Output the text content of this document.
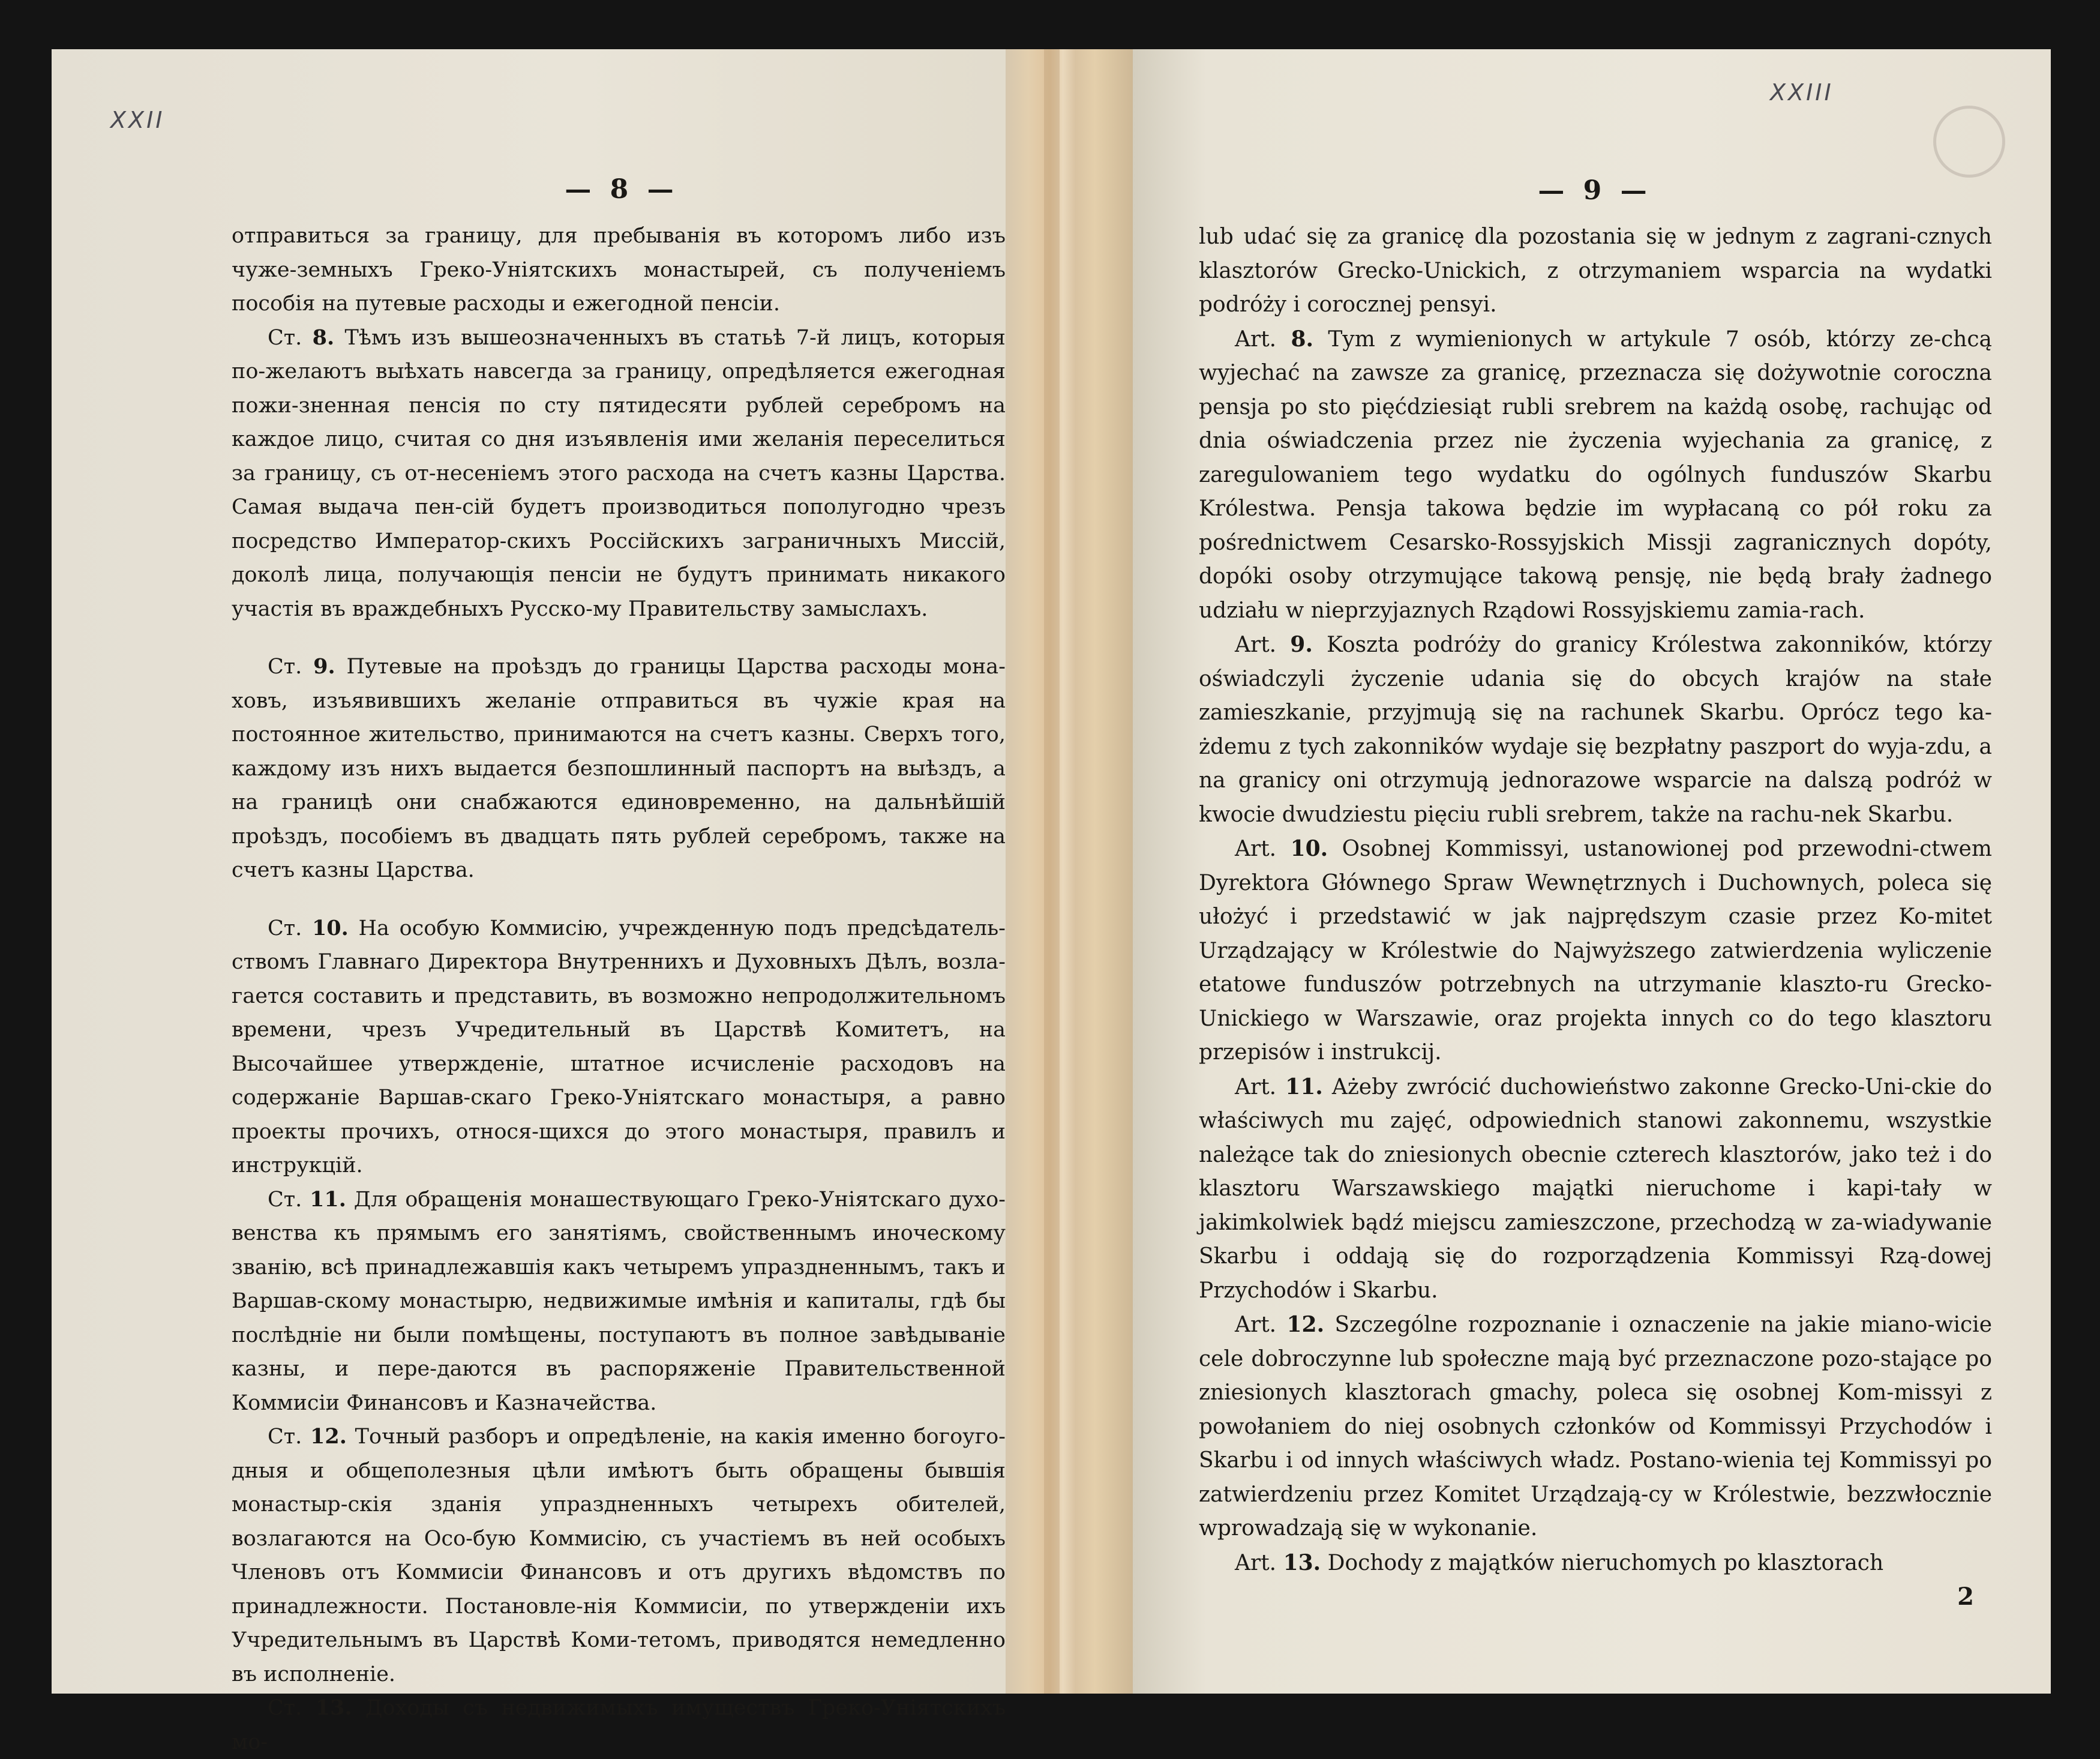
— 8 —

отправиться за границу, для пребыванія въ которомъ либо изъ чуже-земныхъ Греко-Уніятскихъ монастырей, съ полученіемъ пособія на путевые расходы и ежегодной пенсіи.

Ст. 8. Тѣмъ изъ вышеозначенныхъ въ статьѣ 7-й лицъ, которыя по-желаютъ выѣхать навсегда за границу, опредѣляется ежегодная пожи-зненная пенсія по сту пятидесяти рублей серебромъ на каждое лицо, считая со дня изъявленія ими желанія переселиться за границу, съ от-несеніемъ этого расхода на счетъ казны Царства. Самая выдача пен-сій будетъ производиться пополугодно чрезъ посредство Император-скихъ Россійскихъ заграничныхъ Миссій, доколѣ лица, получающія пенсіи не будутъ принимать никакого участія въ враждебныхъ Русско-му Правительству замыслахъ.

Ст. 9. Путевые на проѣздъ до границы Царства расходы мона-ховъ, изъявившихъ желаніе отправиться въ чужіе края на постоянное жительство, принимаются на счетъ казны. Сверхъ того, каждому изъ нихъ выдается безпошлинный паспортъ на выѣздъ, а на границѣ они снабжаются единовременно, на дальнѣйшій проѣздъ, пособіемъ въ двадцать пять рублей серебромъ, также на счетъ казны Царства.

Ст. 10. На особую Коммисію, учрежденную подъ предсѣдатель-ствомъ Главнаго Директора Внутреннихъ и Духовныхъ Дѣлъ, возла-гается составить и представить, въ возможно непродолжительномъ времени, чрезъ Учредительный въ Царствѣ Комитетъ, на Высочайшее утвержденіе, штатное исчисленіе расходовъ на содержаніе Варшав-скаго Греко-Уніятскаго монастыря, а равно проекты прочихъ, относя-щихся до этого монастыря, правилъ и инструкцій.

Ст. 11. Для обращенія монашествующаго Греко-Уніятскаго духо-венства къ прямымъ его занятіямъ, свойственнымъ иноческому званію, всѣ принадлежавшія какъ четыремъ упраздненнымъ, такъ и Варшав-скому монастырю, недвижимые имѣнія и капиталы, гдѣ бы послѣдніе ни были помѣщены, поступаютъ въ полное завѣдываніе казны, и пере-даются въ распоряженіе Правительственной Коммисіи Финансовъ и Казначейства.

Ст. 12. Точный разборъ и опредѣленіе, на какія именно богоуго-дныя и общеполезныя цѣли имѣютъ быть обращены бывшія монастыр-скія зданія упраздненныхъ четырехъ обителей, возлагаются на Осо-бую Коммисію, съ участіемъ въ ней особыхъ Членовъ отъ Коммисіи Финансовъ и отъ другихъ вѣдомствъ по принадлежности. Постановле-нія Коммисіи, по утвержденіи ихъ Учредительнымъ въ Царствѣ Коми-тетомъ, приводятся немедленно въ исполненіе.

Ст. 13. Доходы съ недвижимыхъ имуществъ Греко-Уніятскихъ мо-

— 9 —

lub udać się za granicę dla pozostania się w jednym z zagrani-cznych klasztorów Grecko-Unickich, z otrzymaniem wsparcia na wydatki podróży i corocznej pensyi.

Art. 8. Tym z wymienionych w artykule 7 osób, którzy ze-chcą wyjechać na zawsze za granicę, przeznacza się dożywotnie coroczna pensja po sto pięćdziesiąt rubli srebrem na każdą osobę, rachując od dnia oświadczenia przez nie życzenia wyjechania za granicę, z zaregulowaniem tego wydatku do ogólnych funduszów Skarbu Królestwa. Pensja takowa będzie im wypłacaną co pół roku za pośrednictwem Cesarsko-Rossyjskich Missji zagranicznych dopóty, dopóki osoby otrzymujące takową pensję, nie będą brały żadnego udziału w nieprzyjaznych Rządowi Rossyjskiemu zamia-rach.

Art. 9. Koszta podróży do granicy Królestwa zakonników, którzy oświadczyli życzenie udania się do obcych krajów na stałe zamieszkanie, przyjmują się na rachunek Skarbu. Oprócz tego ka-żdemu z tych zakonników wydaje się bezpłatny paszport do wyja-zdu, a na granicy oni otrzymują jednorazowe wsparcie na dalszą podróż w kwocie dwudziestu pięciu rubli srebrem, także na rachu-nek Skarbu.

Art. 10. Osobnej Kommissyi, ustanowionej pod przewodni-ctwem Dyrektora Głównego Spraw Wewnętrznych i Duchownych, poleca się ułożyć i przedstawić w jak najprędszym czasie przez Ko-mitet Urządzający w Królestwie do Najwyższego zatwierdzenia wyliczenie etatowe funduszów potrzebnych na utrzymanie klaszto-ru Grecko-Unickiego w Warszawie, oraz projekta innych co do tego klasztoru przepisów i instrukcij.

Art. 11. Ażeby zwrócić duchowieństwo zakonne Grecko-Uni-ckie do właściwych mu zajęć, odpowiednich stanowi zakonnemu, wszystkie należące tak do zniesionych obecnie czterech klasztorów, jako też i do klasztoru Warszawskiego majątki nieruchome i kapi-tały w jakimkolwiek bądź miejscu zamieszczone, przechodzą w za-wiadywanie Skarbu i oddają się do rozporządzenia Kommissyi Rzą-dowej Przychodów i Skarbu.

Art. 12. Szczególne rozpoznanie i oznaczenie na jakie miano-wicie cele dobroczynne lub społeczne mają być przeznaczone pozo-stające po zniesionych klasztorach gmachy, poleca się osobnej Kom-missyi z powołaniem do niej osobnych członków od Kommissyi Przychodów i Skarbu i od innych właściwych władz. Postano-wienia tej Kommissyi po zatwierdzeniu przez Komitet Urządzają-cy w Królestwie, bezzwłocznie wprowadzają się w wykonanie.

Art. 13. Dochody z majątków nieruchomych po klasztorach

2
XXII
XXIII
